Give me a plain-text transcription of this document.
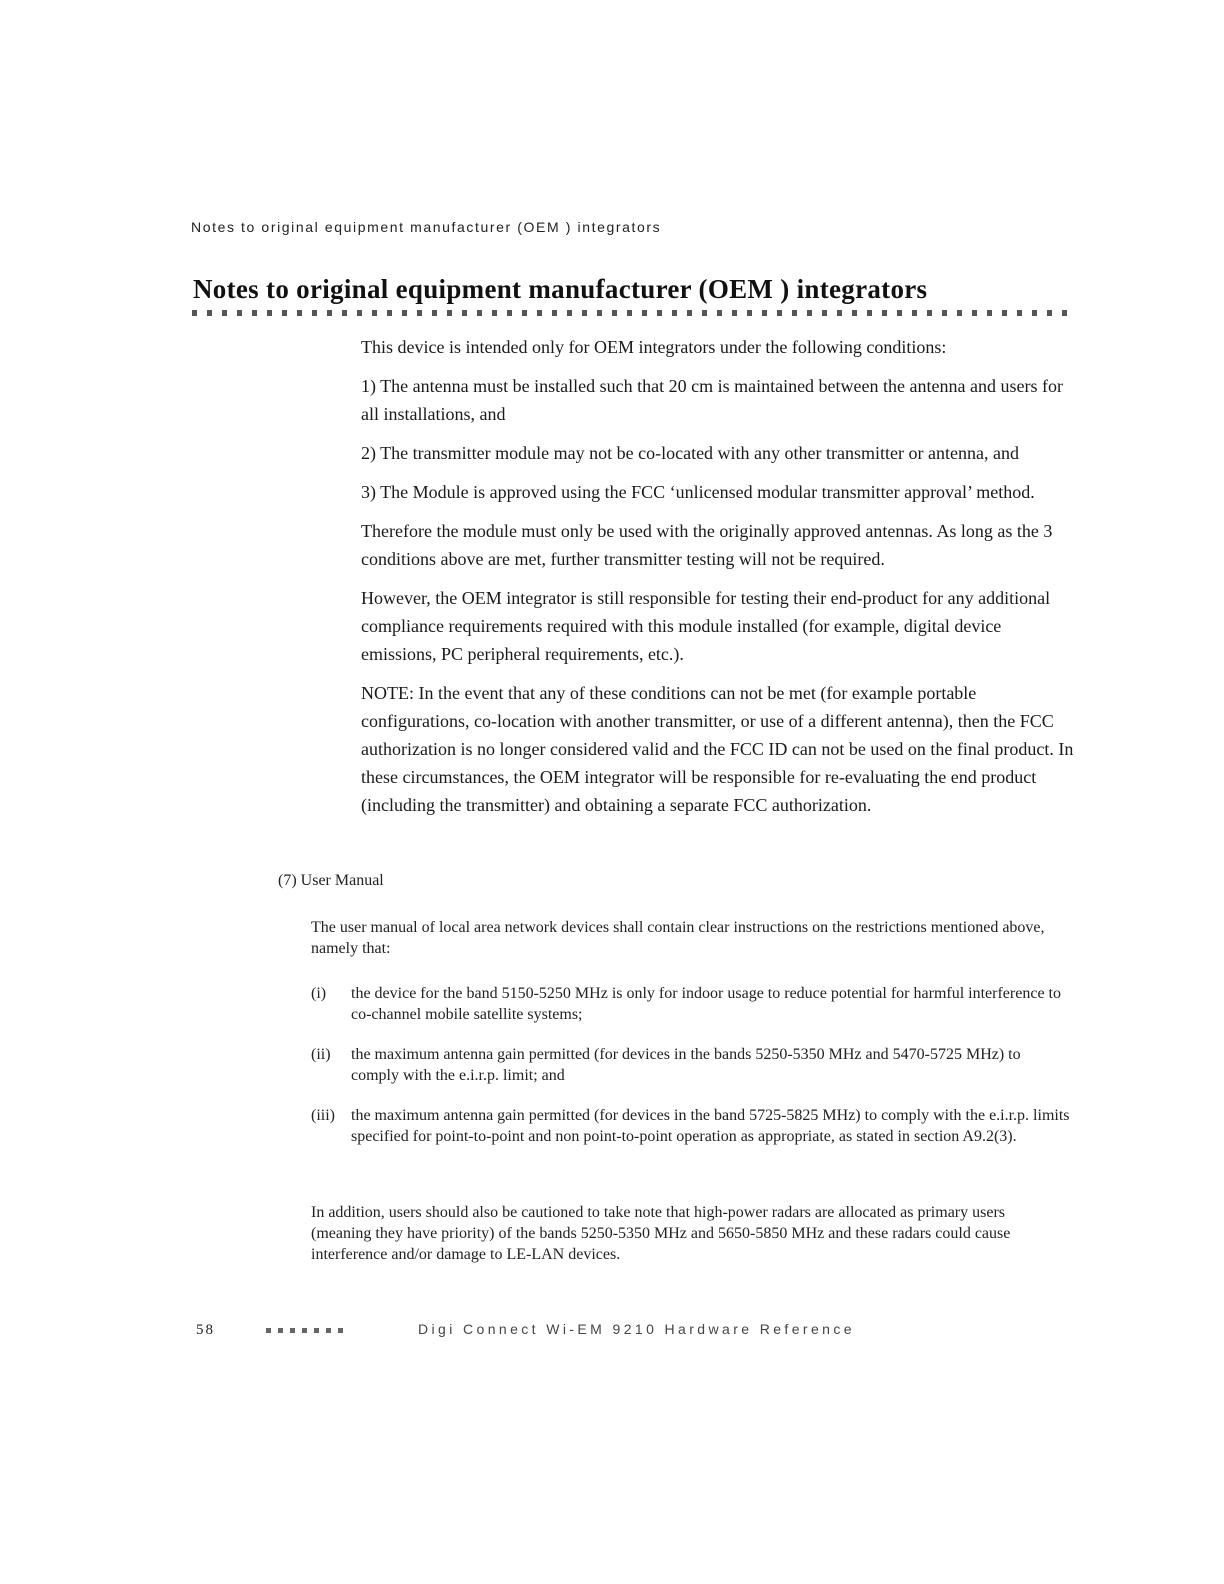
Notes to original equipment manufacturer (OEM ) integrators
Notes to original equipment manufacturer (OEM ) integrators

This device is intended only for OEM integrators under the following conditions:

1) The antenna must be installed such that 20 cm is maintained between the antenna and users for all installations, and

2) The transmitter module may not be co-located with any other transmitter or antenna, and

3) The Module is approved using the FCC ‘unlicensed modular transmitter approval’ method.

Therefore the module must only be used with the originally approved antennas. As long as the 3 conditions above are met, further transmitter testing will not be required.

However, the OEM integrator is still responsible for testing their end-product for any additional compliance requirements required with this module installed (for example, digital device emissions, PC peripheral requirements, etc.).

NOTE: In the event that any of these conditions can not be met (for example portable configurations, co-location with another transmitter, or use of a different antenna), then the FCC authorization is no longer considered valid and the FCC ID can not be used on the final product. In these circumstances, the OEM integrator will be responsible for re-evaluating the end product (including the transmitter) and obtaining a separate FCC authorization.

(7) User Manual

The user manual of local area network devices shall contain clear instructions on the restrictions mentioned above, namely that:

(i)	the device for the band 5150-5250 MHz is only for indoor usage to reduce potential for harmful interference to co-channel mobile satellite systems;
(ii)	the maximum antenna gain permitted (for devices in the bands 5250-5350 MHz and 5470-5725 MHz) to comply with the e.i.r.p. limit; and
(iii)	the maximum antenna gain permitted (for devices in the band 5725-5825 MHz) to comply with the e.i.r.p. limits specified for point-to-point and non point-to-point operation as appropriate, as stated in section A9.2(3).

In addition, users should also be cautioned to take note that high-power radars are allocated as primary users (meaning they have priority) of the bands 5250-5350 MHz and 5650-5850 MHz and these radars could cause interference and/or damage to LE-LAN devices.

58	Digi Connect Wi-EM 9210 Hardware Reference
